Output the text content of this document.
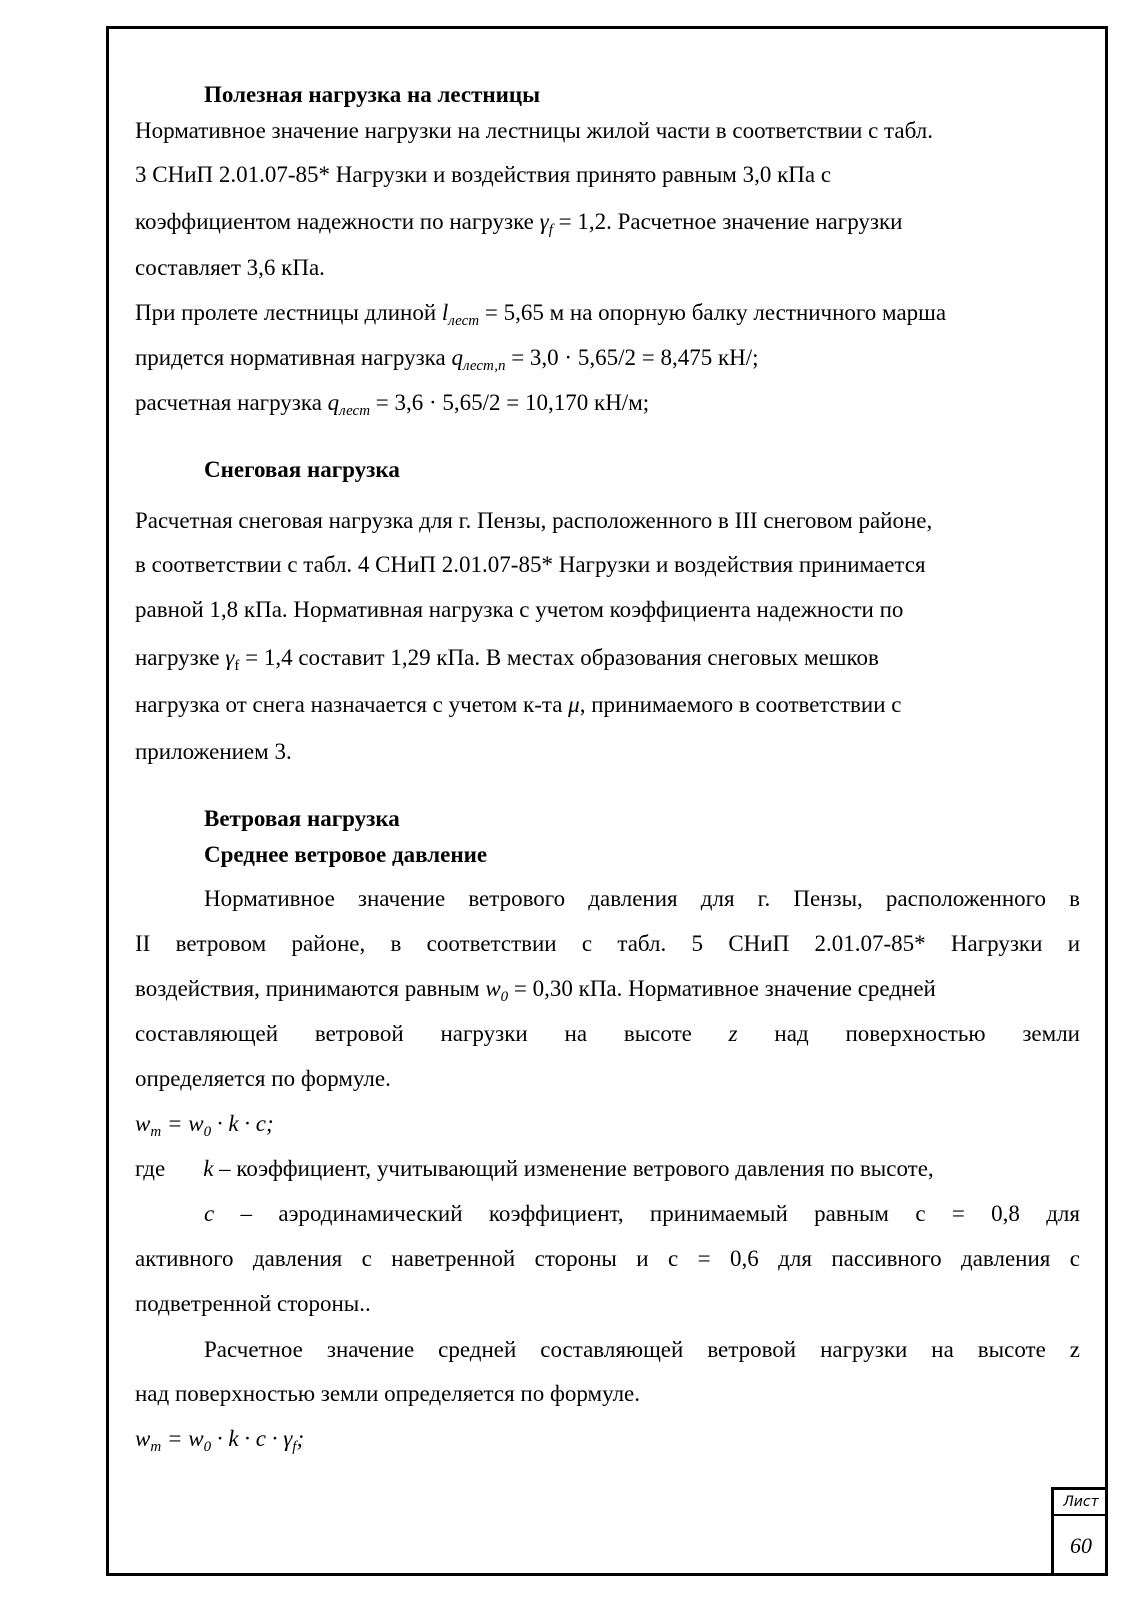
Полезная нагрузка на лестницы
Нормативное значение нагрузки на лестницы жилой части в соответствии с табл.
3 СНиП 2.01.07-85* Нагрузки и воздействия принято равным 3,0 кПа с
коэффициентом надежности по нагрузке $\gamma_f = 1,2$. Расчетное значение нагрузки
составляет 3,6 кПа.
При пролете лестницы длиной $l_{лест} = 5,65$ м на опорную балку лестничного марша
придется нормативная нагрузка $q_{лест,n} = 3,0 \cdot 5,65/2 = 8,475$ кН/;
расчетная нагрузка $q_{лест} = 3,6 \cdot 5,65/2 = 10,170$ кН/м;
Снеговая нагрузка
Расчетная снеговая нагрузка для г. Пензы, расположенного в III снеговом районе,
в соответствии с табл. 4 СНиП 2.01.07-85* Нагрузки и воздействия принимается
равной 1,8 кПа. Нормативная нагрузка с учетом коэффициента надежности по
нагрузке $\gamma_f = 1,4$ составит 1,29 кПа. В местах образования снеговых мешков
нагрузка от снега назначается с учетом к-та μ, принимаемого в соответствии с
приложением 3.
Ветровая нагрузка
Среднее ветровое давление
Нормативное значение ветрового давления для г. Пензы, расположенного в
II ветровом районе, в соответствии с табл. 5 СНиП 2.01.07-85* Нагрузки и
воздействия, принимаются равным $w_0 = 0,30$ кПа. Нормативное значение средней
составляющей ветровой нагрузки на высоте z над поверхностью земли
определяется по формуле.
$w_m = w_0 \cdot k \cdot c$;
где k – коэффициент, учитывающий изменение ветрового давления по высоте,
c – аэродинамический коэффициент, принимаемый равным с = 0,8 для
активного давления с наветренной стороны и с = 0,6 для пассивного давления с
подветренной стороны..
Расчетное значение средней составляющей ветровой нагрузки на высоте z
над поверхностью земли определяется по формуле.
$w_m = w_0 \cdot k \cdot c \cdot \gamma_f$;
Лист
60
